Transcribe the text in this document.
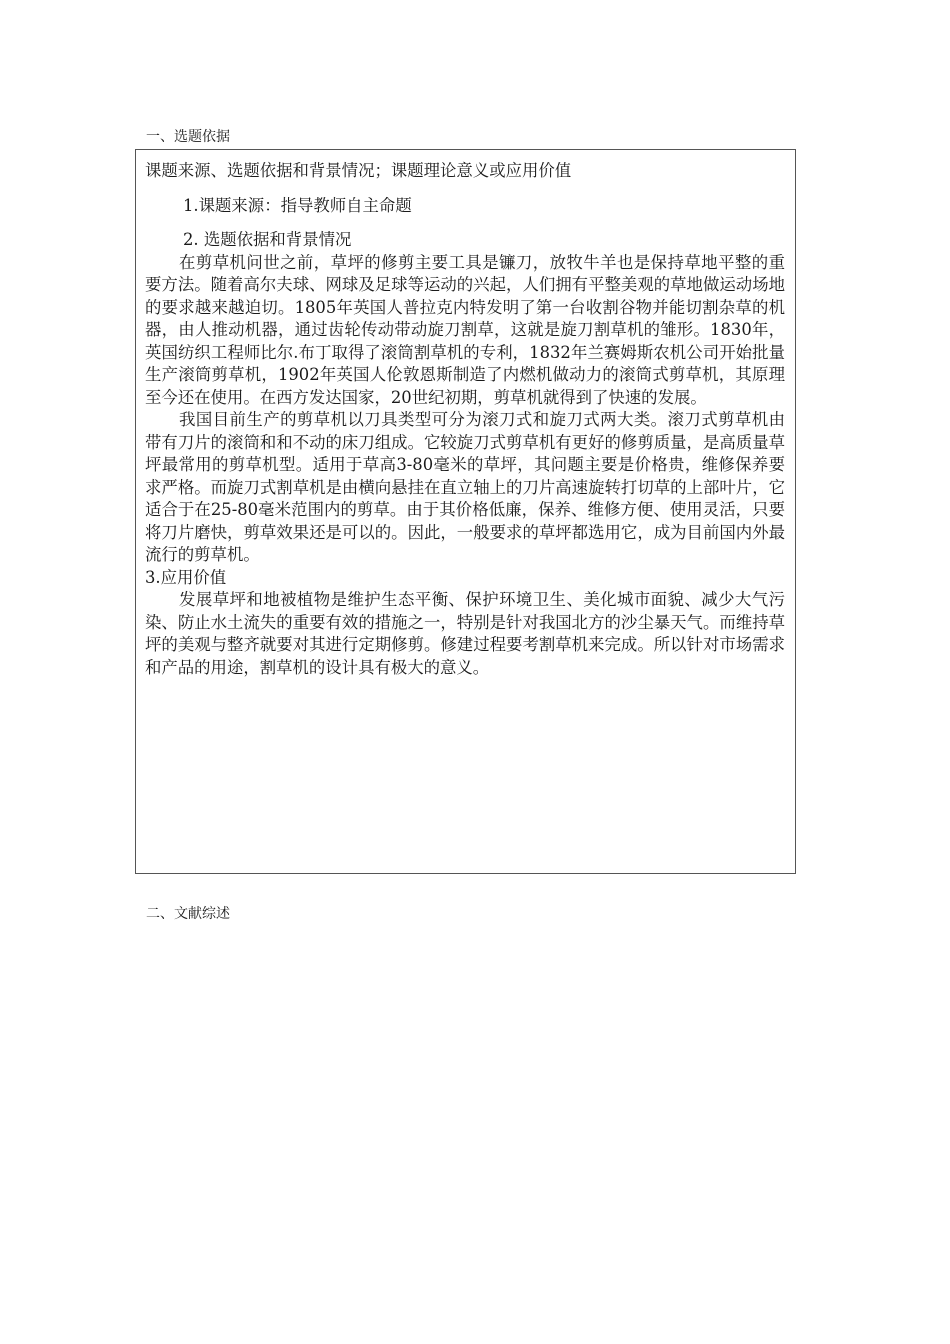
一、选题依据

课题来源、选题依据和背景情况；课题理论意义或应用价值

1.课题来源：指导教师自主命题

2. 选题依据和背景情况

在剪草机问世之前，草坪的修剪主要工具是镰刀，放牧牛羊也是保持草地平整的重要方法。随着高尔夫球、网球及足球等运动的兴起，人们拥有平整美观的草地做运动场地的要求越来越迫切。1805年英国人普拉克内特发明了第一台收割谷物并能切割杂草的机器，由人推动机器，通过齿轮传动带动旋刀割草，这就是旋刀割草机的雏形。1830年，英国纺织工程师比尔.布丁取得了滚筒割草机的专利，1832年兰赛姆斯农机公司开始批量生产滚筒剪草机，1902年英国人伦敦恩斯制造了内燃机做动力的滚筒式剪草机，其原理至今还在使用。在西方发达国家，20世纪初期，剪草机就得到了快速的发展。

我国目前生产的剪草机以刀具类型可分为滚刀式和旋刀式两大类。滚刀式剪草机由带有刀片的滚筒和和不动的床刀组成。它较旋刀式剪草机有更好的修剪质量，是高质量草坪最常用的剪草机型。适用于草高3-80毫米的草坪，其问题主要是价格贵，维修保养要求严格。而旋刀式割草机是由横向悬挂在直立轴上的刀片高速旋转打切草的上部叶片，它适合于在25-80毫米范围内的剪草。由于其价格低廉，保养、维修方便、使用灵活，只要将刀片磨快，剪草效果还是可以的。因此，一般要求的草坪都选用它，成为目前国内外最流行的剪草机。

3.应用价值

发展草坪和地被植物是维护生态平衡、保护环境卫生、美化城市面貌、减少大气污染、防止水土流失的重要有效的措施之一，特别是针对我国北方的沙尘暴天气。而维持草坪的美观与整齐就要对其进行定期修剪。修建过程要考割草机来完成。所以针对市场需求和产品的用途，割草机的设计具有极大的意义。

二、文献综述
